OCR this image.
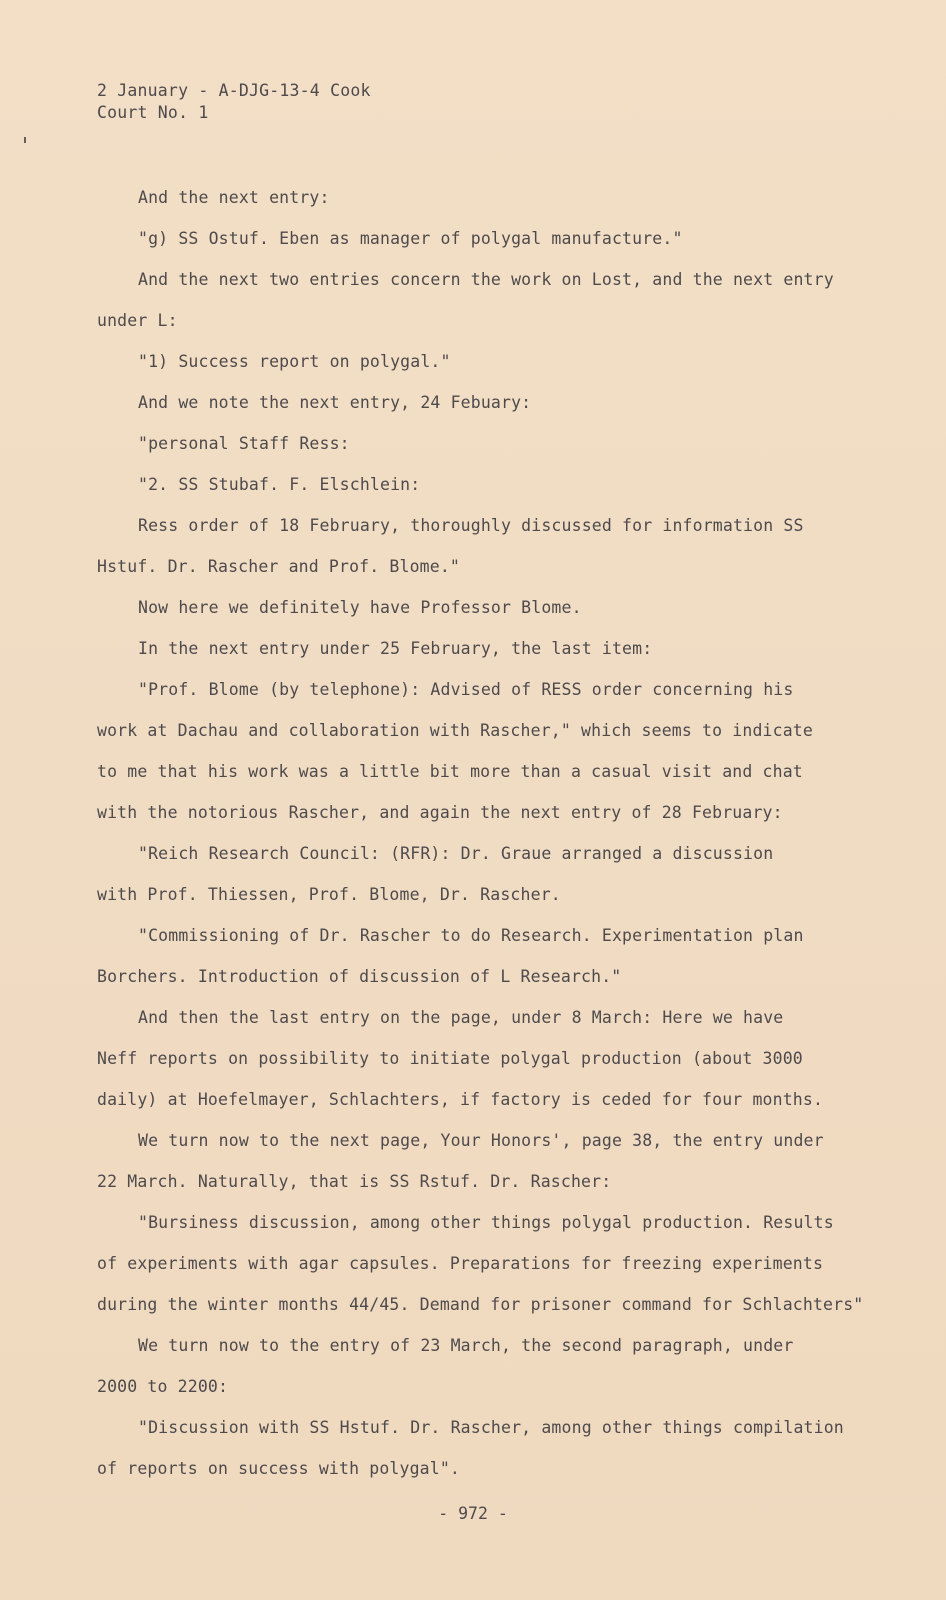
2 January - A-DJG-13-4 Cook
Court No. 1
And the next entry:
"g) SS Ostuf. Eben as manager of polygal manufacture."
And the next two entries concern the work on Lost, and the next entry
under L:
"1) Success report on polygal."
And we note the next entry, 24 Febuary:
"personal Staff Ress:
"2. SS Stubaf. F. Elschlein:
Ress order of 18 February, thoroughly discussed for information SS
Hstuf. Dr. Rascher and Prof. Blome."
Now here we definitely have Professor Blome.
In the next entry under 25 February, the last item:
"Prof. Blome (by telephone): Advised of RESS order concerning his
work at Dachau and collaboration with Rascher," which seems to indicate
to me that his work was a little bit more than a casual visit and chat
with the notorious Rascher, and again the next entry of 28 February:
"Reich Research Council: (RFR): Dr. Graue arranged a discussion
with Prof. Thiessen, Prof. Blome, Dr. Rascher.
"Commissioning of Dr. Rascher to do Research. Experimentation plan
Borchers. Introduction of discussion of L Research."
And then the last entry on the page, under 8 March: Here we have
Neff reports on possibility to initiate polygal production (about 3000
daily) at Hoefelmayer, Schlachters, if factory is ceded for four months.
We turn now to the next page, Your Honors', page 38, the entry under
22 March. Naturally, that is SS Rstuf. Dr. Rascher:
"Bursiness discussion, among other things polygal production. Results
of experiments with agar capsules. Preparations for freezing experiments
during the winter months 44/45. Demand for prisoner command for Schlachters"
We turn now to the entry of 23 March, the second paragraph, under
2000 to 2200:
"Discussion with SS Hstuf. Dr. Rascher, among other things compilation
of reports on success with polygal".
- 972 -
